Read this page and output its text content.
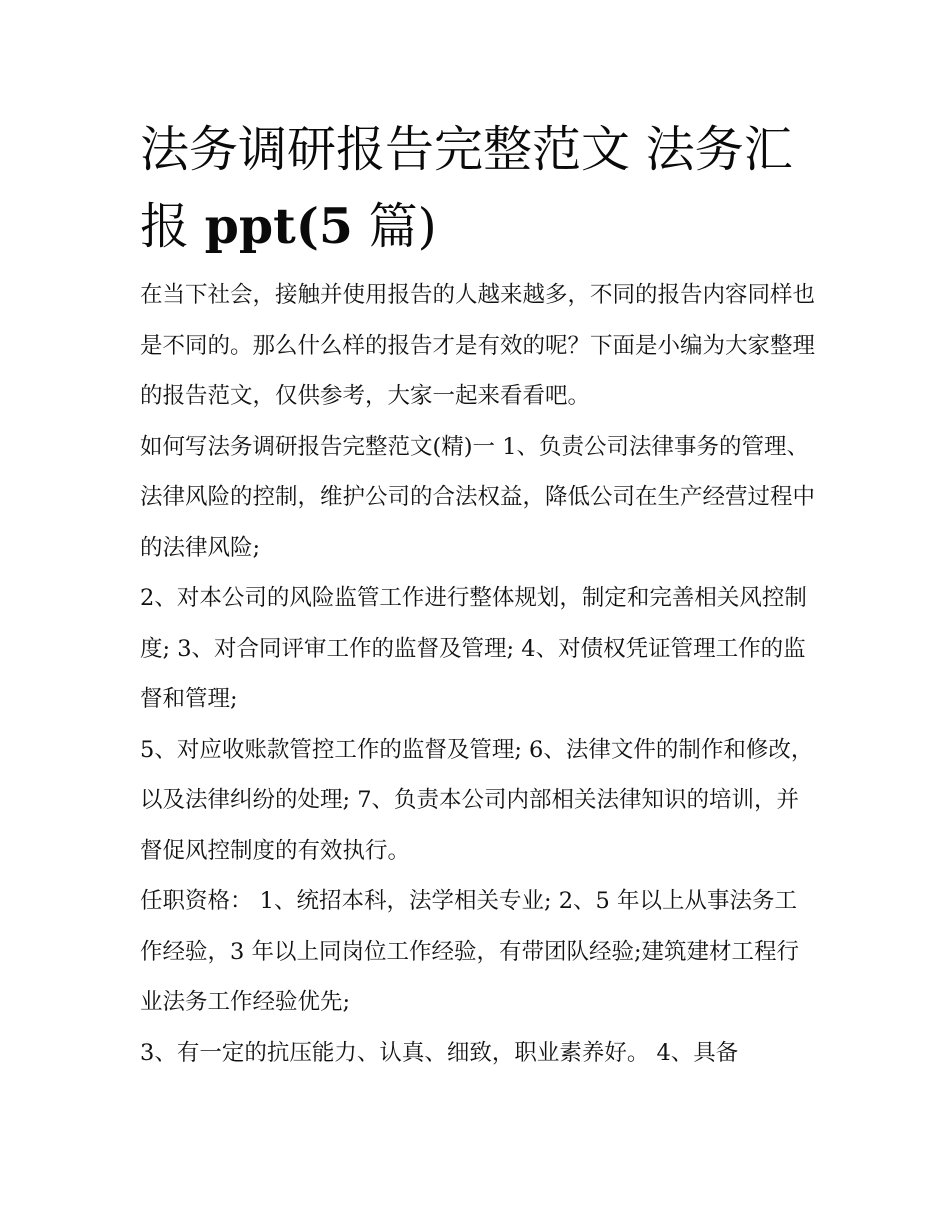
法务调研报告完整范文 法务汇报 ppt(5 篇)

在当下社会，接触并使用报告的人越来越多，不同的报告内容同样也是不同的。那么什么样的报告才是有效的呢？下面是小编为大家整理的报告范文，仅供参考，大家一起来看看吧。

如何写法务调研报告完整范文(精)一 1、负责公司法律事务的管理、法律风险的控制，维护公司的合法权益，降低公司在生产经营过程中的法律风险;

2、对本公司的风险监管工作进行整体规划，制定和完善相关风控制度; 3、对合同评审工作的监督及管理; 4、对债权凭证管理工作的监督和管理;

5、对应收账款管控工作的监督及管理; 6、法律文件的制作和修改，以及法律纠纷的处理; 7、负责本公司内部相关法律知识的培训，并督促风控制度的有效执行。

任职资格： 1、统招本科，法学相关专业; 2、5 年以上从事法务工作经验，3 年以上同岗位工作经验，有带团队经验;建筑建材工程行业法务工作经验优先;

3、有一定的抗压能力、认真、细致，职业素养好。 4、具备
